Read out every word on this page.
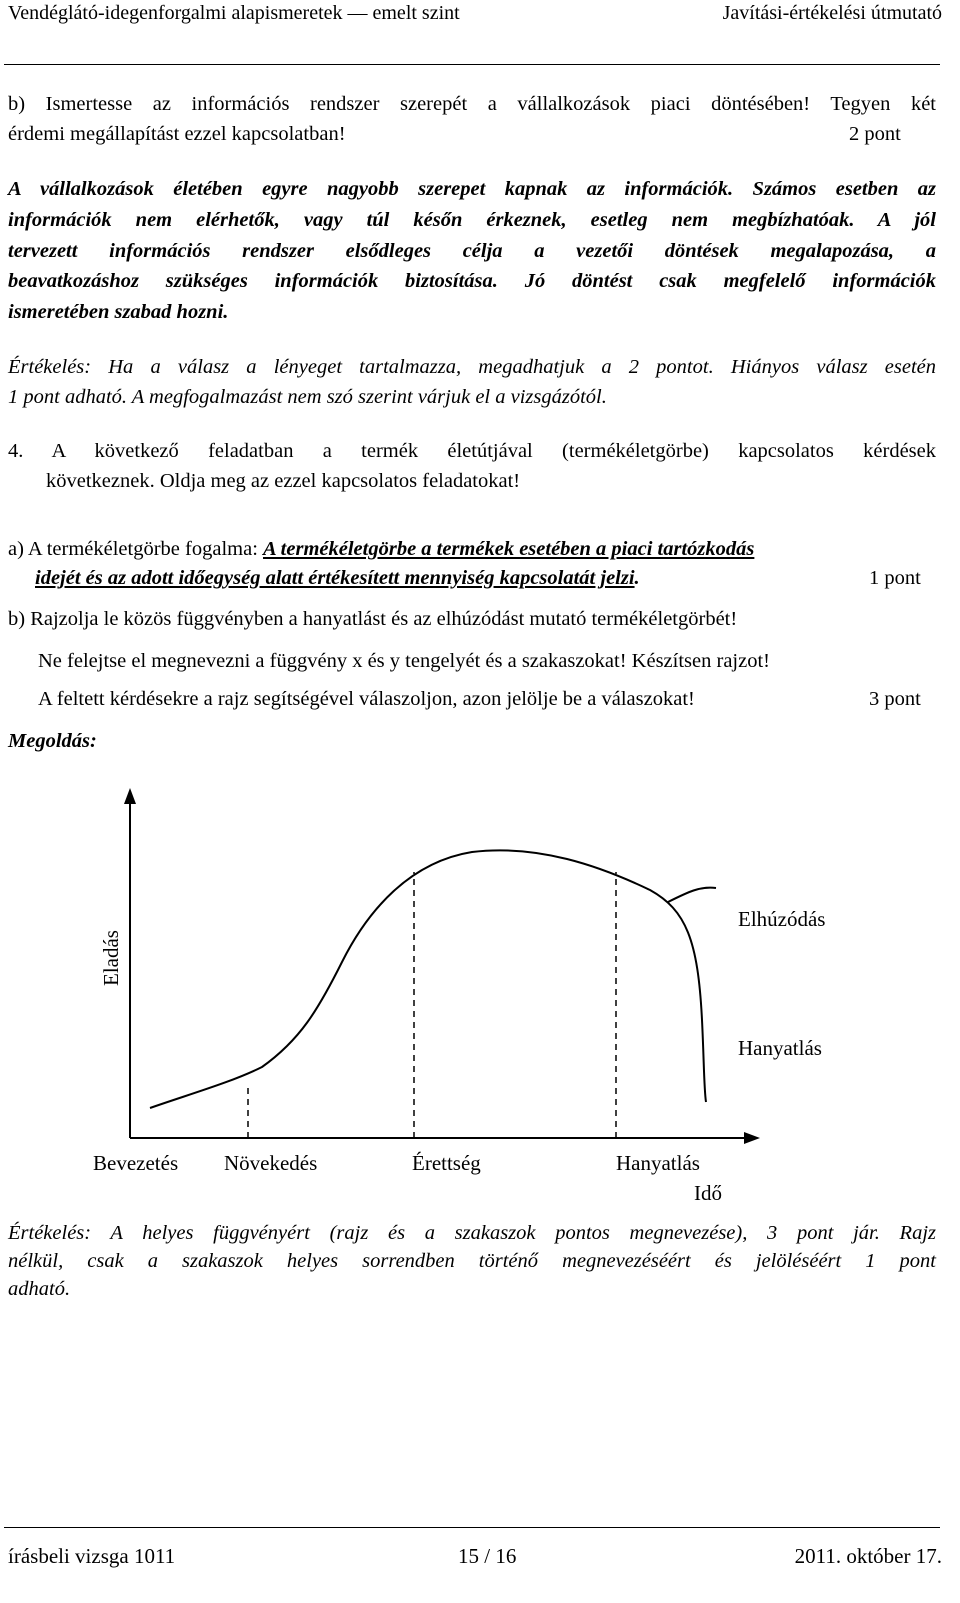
Vendéglátó-idegenforgalmi alapismeretek — emelt szint	Javítási-értékelési útmutató
b) Ismertesse az információs rendszer szerepét a vállalkozások piaci döntésében! Tegyen két
érdemi megállapítást ezzel kapcsolatban!	2 pont
A vállalkozások életében egyre nagyobb szerepet kapnak az információk. Számos esetben az
információk nem elérhetők, vagy túl későn érkeznek, esetleg nem megbízhatóak. A jól
tervezett információs rendszer elsődleges célja a vezetői döntések megalapozása, a
beavatkozáshoz szükséges információk biztosítása. Jó döntést csak megfelelő információk
ismeretében szabad hozni.
Értékelés: Ha a válasz a lényeget tartalmazza, megadhatjuk a 2 pontot. Hiányos válasz esetén
1 pont adható. A megfogalmazást nem szó szerint várjuk el a vizsgázótól.
4. A következő feladatban a termék életútjával (termékéletgörbe) kapcsolatos kérdések
következnek. Oldja meg az ezzel kapcsolatos feladatokat!
a) A termékéletgörbe fogalma: A termékéletgörbe a termékek esetében a piaci tartózkodás
idejét és az adott időegység alatt értékesített mennyiség kapcsolatát jelzi.	1 pont
b) Rajzolja le közös függvényben a hanyatlást és az elhúzódást mutató termékéletgörbét!
Ne felejtse el megnevezni a függvény x és y tengelyét és a szakaszokat! Készítsen rajzot!
A feltett kérdésekre a rajz segítségével válaszoljon, azon jelölje be a válaszokat!	3 pont
Megoldás:
Eladás
Elhúzódás
Hanyatlás
Bevezetés Növekedés	Érettség	Hanyatlás
Idő
Értékelés: A helyes függvényért (rajz és a szakaszok pontos megnevezése), 3 pont jár. Rajz
nélkül, csak a szakaszok helyes sorrendben történő megnevezéséért és jelöléséért 1 pont
adható.
írásbeli vizsga 1011	15 / 16	2011. október 17.
